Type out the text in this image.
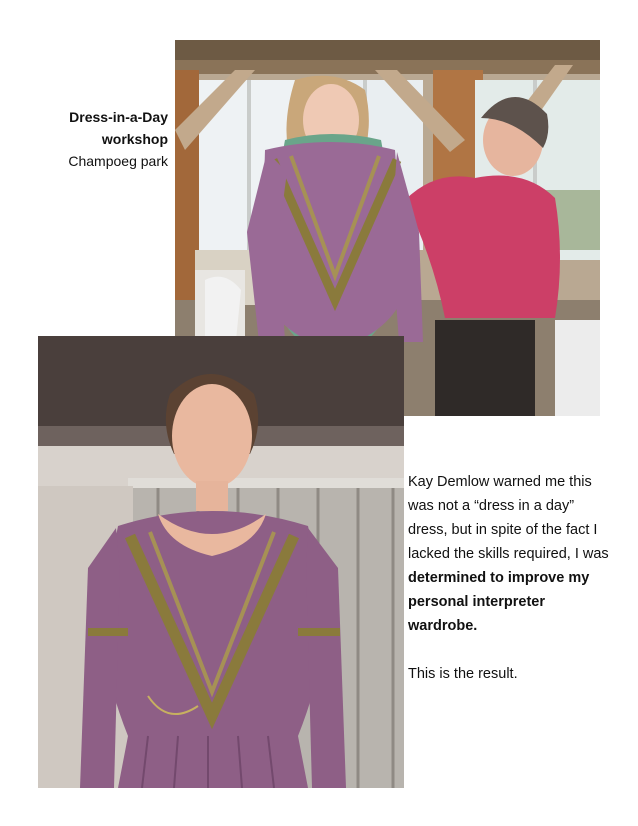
Dress-in-a-Day
workshop
Champoeg park

Kay Demlow warned me this was not a “dress in a day” dress, but in spite of the fact I lacked the skills required, I was determined to improve my personal interpreter wardrobe.

This is the result.
